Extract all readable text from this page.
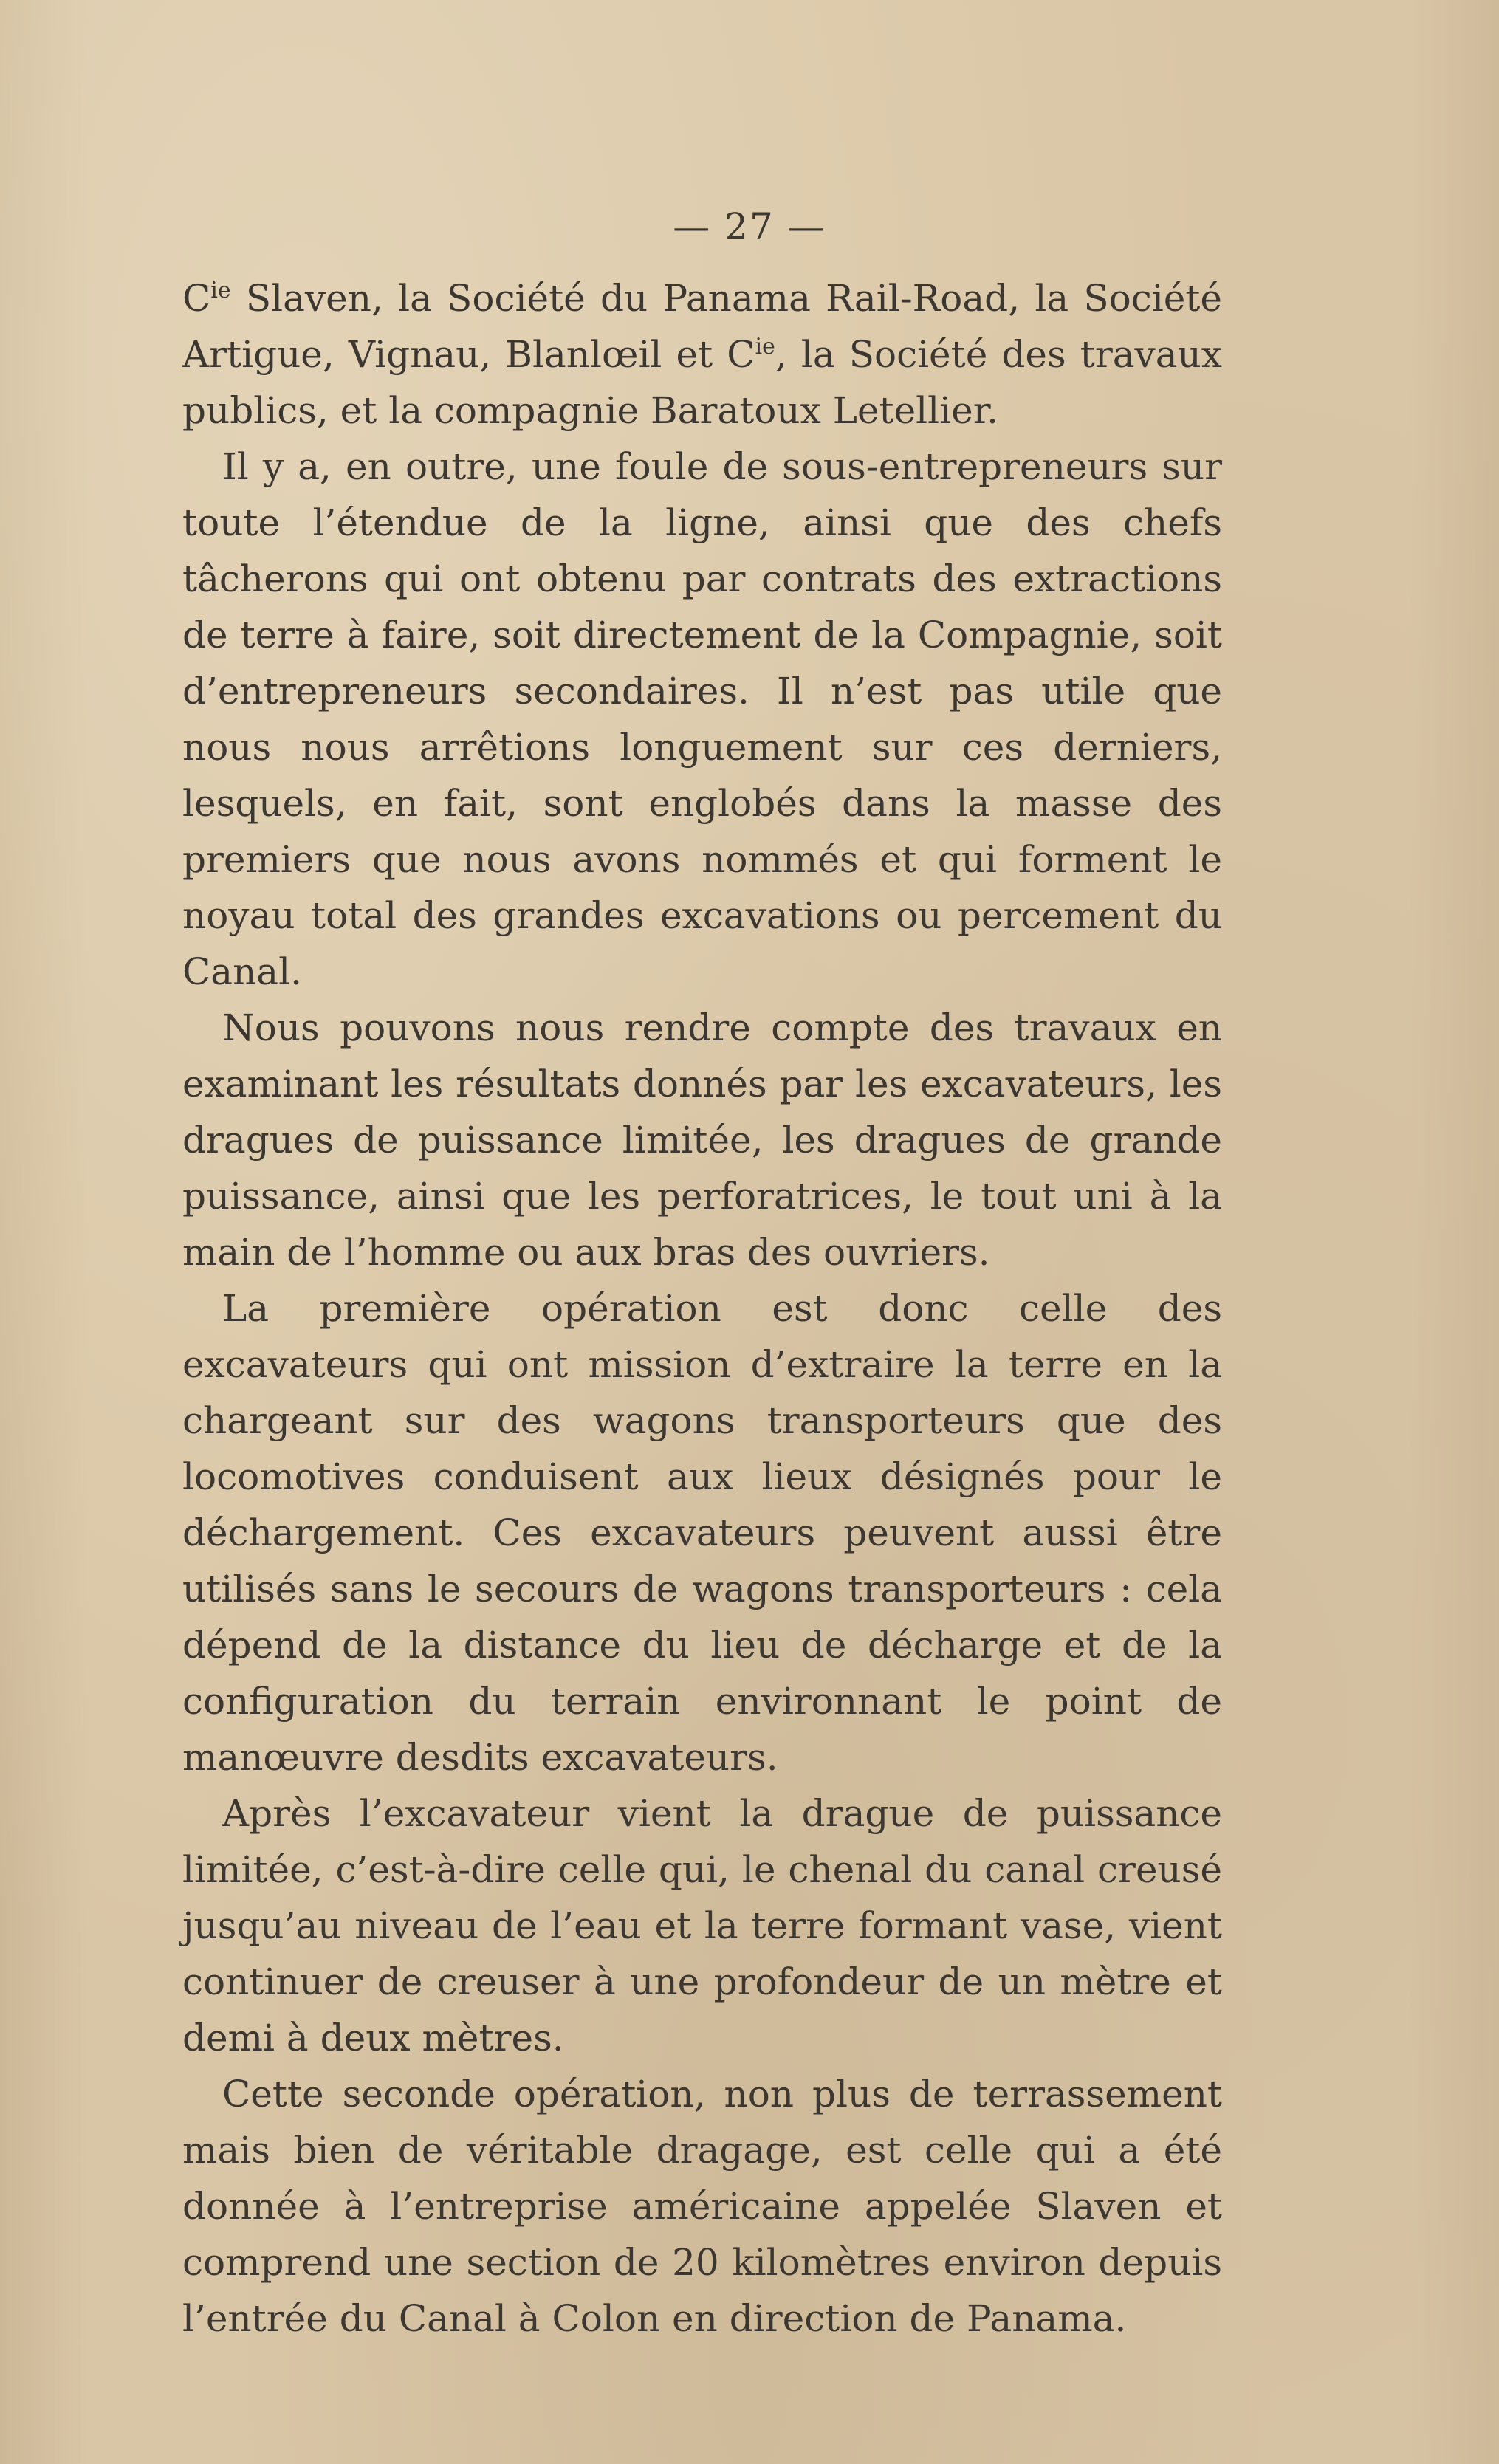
— 27 —

$C^{ie}$ Slaven, la Société du Panama Rail-Road, la Société Artigue, Vignau, Blanlœil et $C^{ie}$, la Société des travaux publics, et la compagnie Baratoux Letellier.

Il y a, en outre, une foule de sous-entrepreneurs sur toute l’étendue de la ligne, ainsi que des chefs tâcherons qui ont obtenu par contrats des extractions de terre à faire, soit directement de la Compagnie, soit d’entrepreneurs secondaires. Il n’est pas utile que nous nous arrêtions longuement sur ces derniers, lesquels, en fait, sont englobés dans la masse des premiers que nous avons nommés et qui forment le noyau total des grandes excavations ou percement du Canal.

Nous pouvons nous rendre compte des travaux en examinant les résultats donnés par les excavateurs, les dragues de puissance limitée, les dragues de grande puissance, ainsi que les perforatrices, le tout uni à la main de l’homme ou aux bras des ouvriers.

La première opération est donc celle des excavateurs qui ont mission d’extraire la terre en la chargeant sur des wagons transporteurs que des locomotives conduisent aux lieux désignés pour le déchargement. Ces excavateurs peuvent aussi être utilisés sans le secours de wagons transporteurs : cela dépend de la distance du lieu de décharge et de la configuration du terrain environnant le point de manœuvre desdits excavateurs.

Après l’excavateur vient la drague de puissance limitée, c’est-à-dire celle qui, le chenal du canal creusé jusqu’au niveau de l’eau et la terre formant vase, vient continuer de creuser à une profondeur de un mètre et demi à deux mètres.

Cette seconde opération, non plus de terrassement mais bien de véritable dragage, est celle qui a été donnée à l’entreprise américaine appelée Slaven et comprend une section de 20 kilomètres environ depuis l’entrée du Canal à Colon en direction de Panama.
